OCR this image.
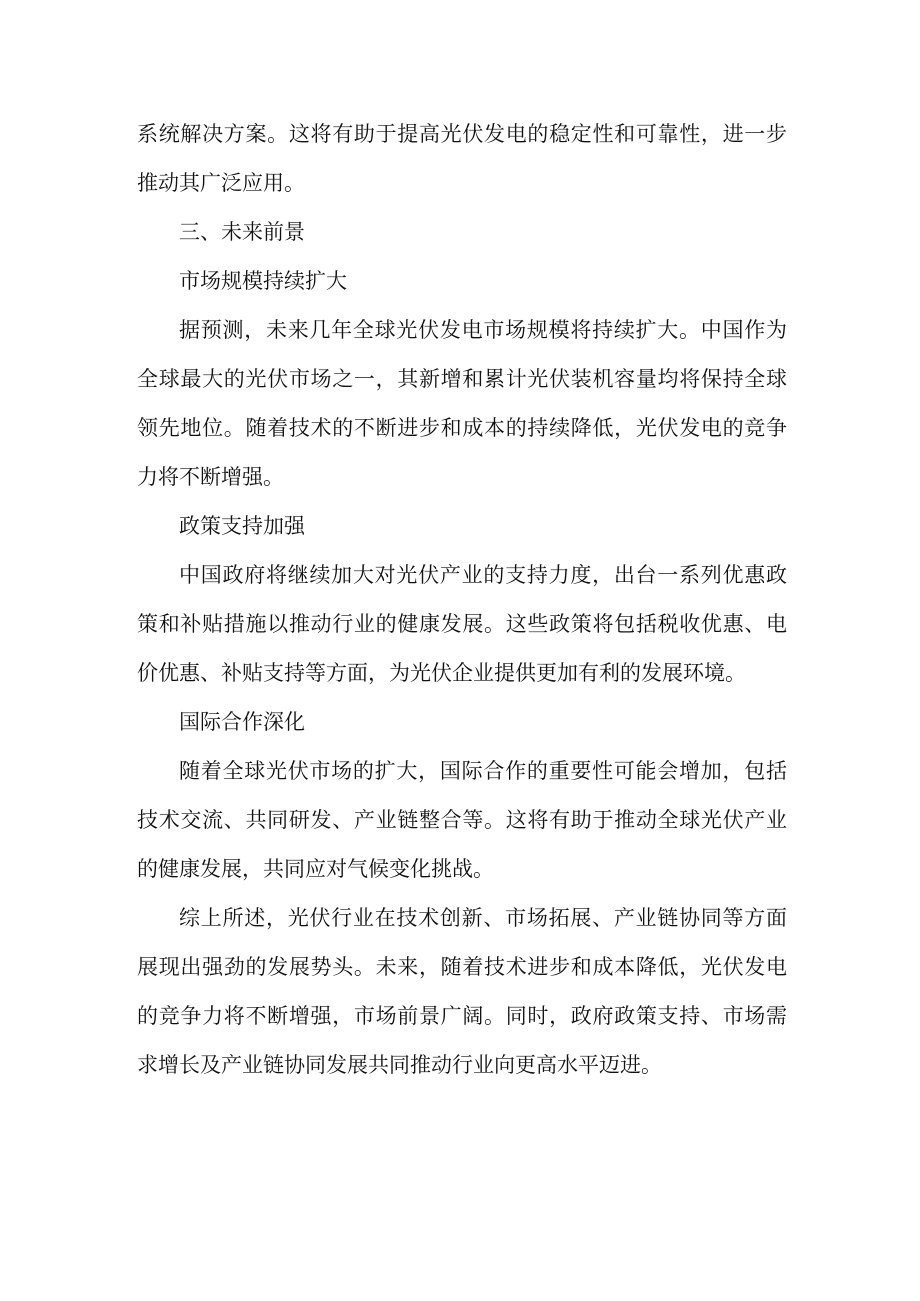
系统解决方案。这将有助于提高光伏发电的稳定性和可靠性，进一步推动其广泛应用。

三、未来前景

市场规模持续扩大

据预测，未来几年全球光伏发电市场规模将持续扩大。中国作为全球最大的光伏市场之一，其新增和累计光伏装机容量均将保持全球领先地位。随着技术的不断进步和成本的持续降低，光伏发电的竞争力将不断增强。

政策支持加强

中国政府将继续加大对光伏产业的支持力度，出台一系列优惠政策和补贴措施以推动行业的健康发展。这些政策将包括税收优惠、电价优惠、补贴支持等方面，为光伏企业提供更加有利的发展环境。

国际合作深化

随着全球光伏市场的扩大，国际合作的重要性可能会增加，包括技术交流、共同研发、产业链整合等。这将有助于推动全球光伏产业的健康发展，共同应对气候变化挑战。

综上所述，光伏行业在技术创新、市场拓展、产业链协同等方面展现出强劲的发展势头。未来，随着技术进步和成本降低，光伏发电的竞争力将不断增强，市场前景广阔。同时，政府政策支持、市场需求增长及产业链协同发展共同推动行业向更高水平迈进。
